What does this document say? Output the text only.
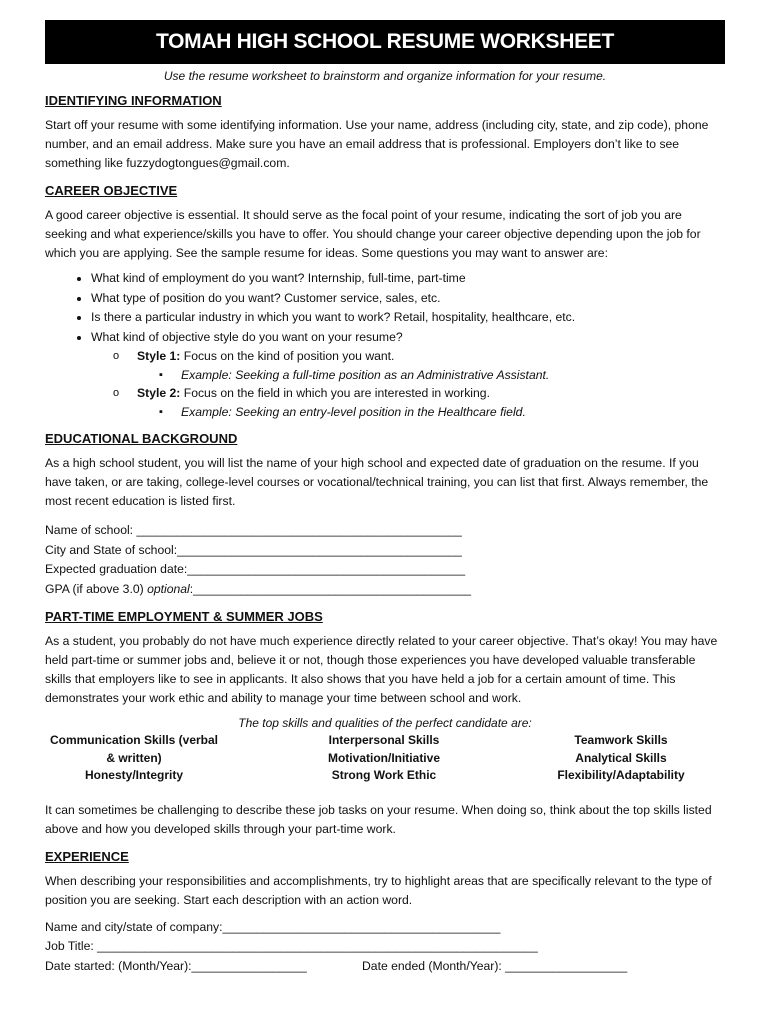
TOMAH HIGH SCHOOL RESUME WORKSHEET
Use the resume worksheet to brainstorm and organize information for your resume.
IDENTIFYING INFORMATION

Start off your resume with some identifying information. Use your name, address (including city, state, and zip code), phone number, and an email address. Make sure you have an email address that is professional. Employers don’t like to see something like fuzzydogtongues@gmail.com.

CAREER OBJECTIVE

A good career objective is essential. It should serve as the focal point of your resume, indicating the sort of job you are seeking and what experience/skills you have to offer. You should change your career objective depending upon the job for which you are applying. See the sample resume for ideas. Some questions you may want to answer are:

• What kind of employment do you want? Internship, full-time, part-time
• What type of position do you want? Customer service, sales, etc.
• Is there a particular industry in which you want to work? Retail, hospitality, healthcare, etc.
• What kind of objective style do you want on your resume?
o Style 1: Focus on the kind of position you want.
▪ Example: Seeking a full-time position as an Administrative Assistant.
o Style 2: Focus on the field in which you are interested in working.
▪ Example: Seeking an entry-level position in the Healthcare field.
EDUCATIONAL BACKGROUND

As a high school student, you will list the name of your high school and expected date of graduation on the resume. If you have taken, or are taking, college-level courses or vocational/technical training, you can list that first. Always remember, the most recent education is listed first.

Name of school: ________________________________________________
City and State of school:__________________________________________
Expected graduation date:_________________________________________
GPA (if above 3.0) optional:_________________________________________
PART-TIME EMPLOYMENT & SUMMER JOBS

As a student, you probably do not have much experience directly related to your career objective. That’s okay! You may have held part-time or summer jobs and, believe it or not, though those experiences you have developed valuable transferable skills that employers like to see in applicants. It also shows that you have held a job for a certain amount of time. This demonstrates your work ethic and ability to manage your time between school and work.

The top skills and qualities of the perfect candidate are:
Communication Skills (verbal & written)
Honesty/Integrity
Interpersonal Skills
Motivation/Initiative
Strong Work Ethic
Teamwork Skills
Analytical Skills
Flexibility/Adaptability

It can sometimes be challenging to describe these job tasks on your resume. When doing so, think about the top skills listed above and how you developed skills through your part-time work.

EXPERIENCE

When describing your responsibilities and accomplishments, try to highlight areas that are specifically relevant to the type of position you are seeking. Start each description with an action word.

Name and city/state of company:_________________________________________
Job Title: _________________________________________________________________
Date started: (Month/Year):_________________	Date ended (Month/Year): __________________
